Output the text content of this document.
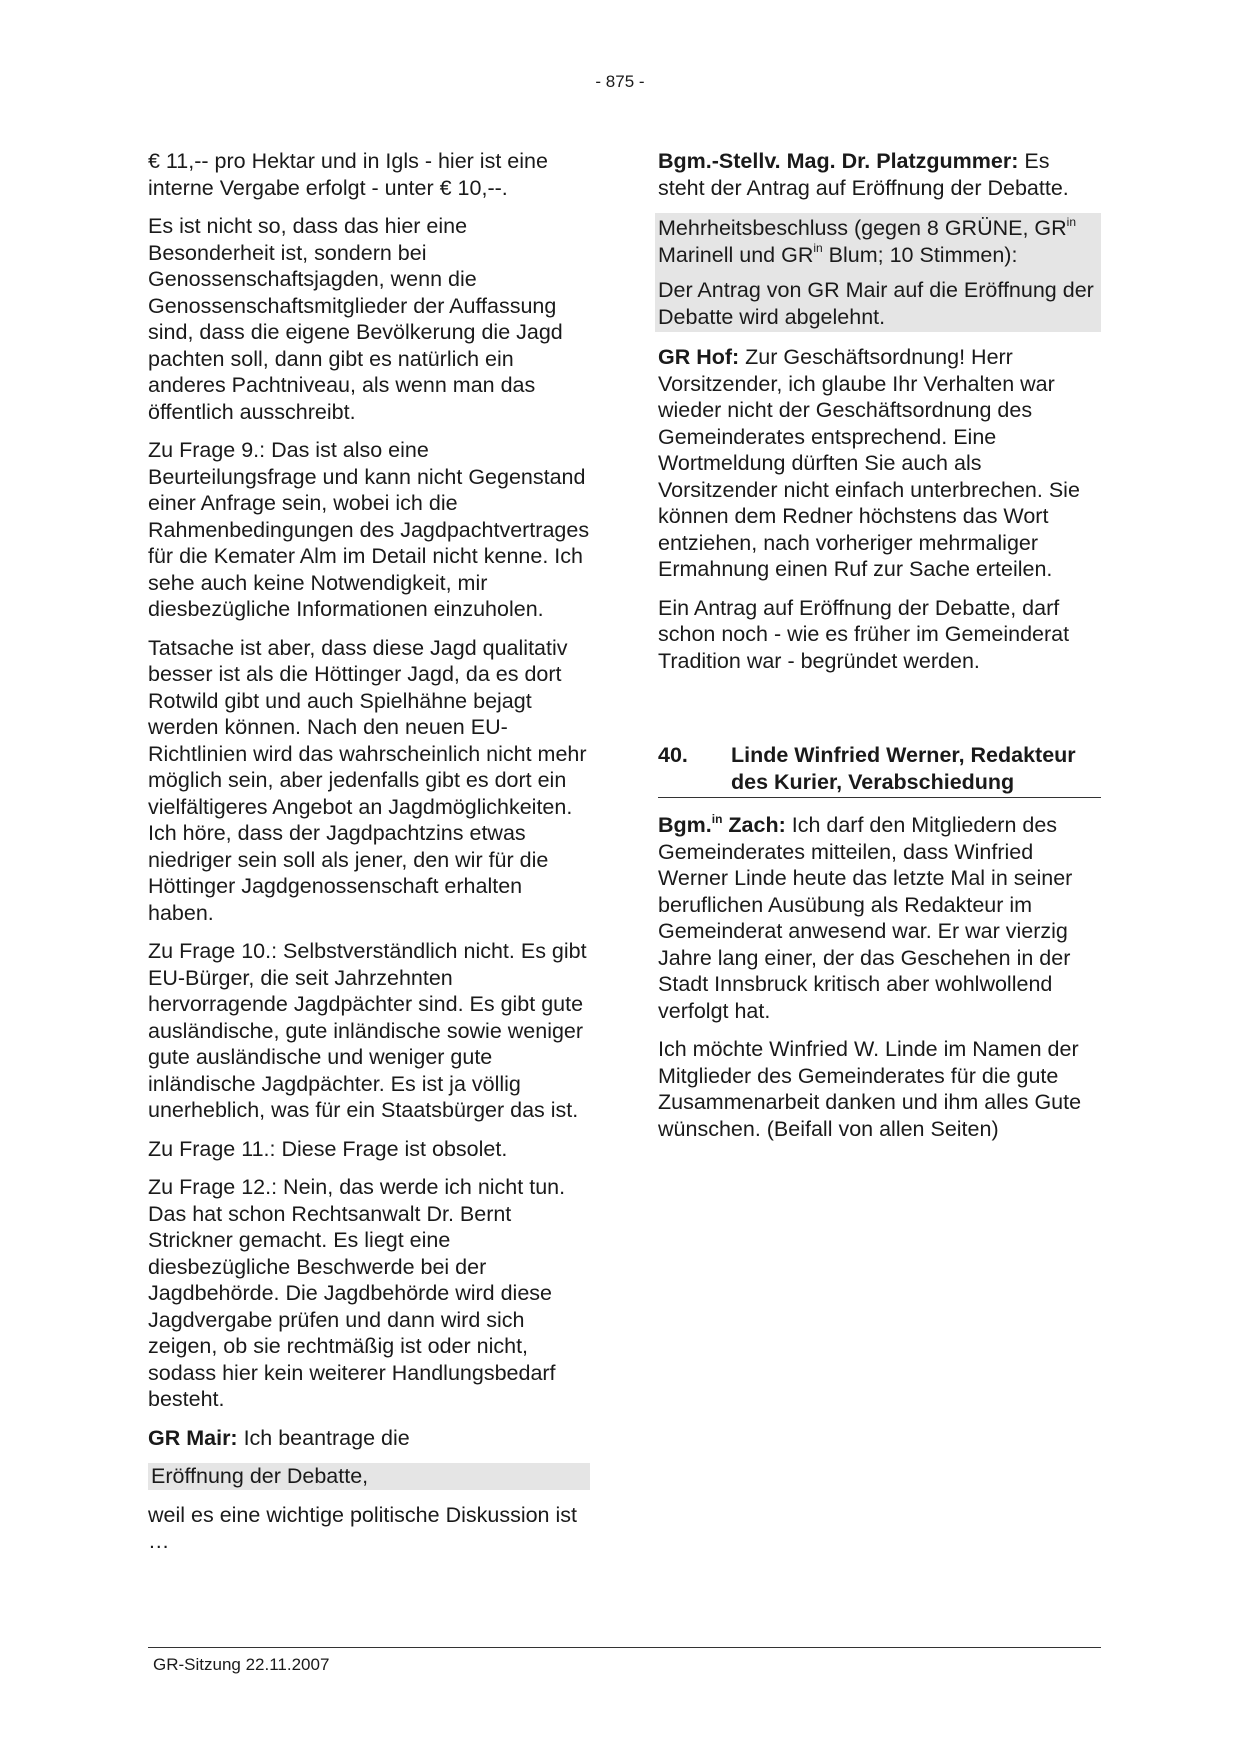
- 875 -

€ 11,-- pro Hektar und in Igls - hier ist eine interne Vergabe erfolgt - unter € 10,--.

Es ist nicht so, dass das hier eine Besonderheit ist, sondern bei Genossenschaftsjagden, wenn die Genossenschaftsmitglieder der Auffassung sind, dass die eigene Bevölkerung die Jagd pachten soll, dann gibt es natürlich ein anderes Pachtniveau, als wenn man das öffentlich ausschreibt.

Zu Frage 9.: Das ist also eine Beurteilungsfrage und kann nicht Gegenstand einer Anfrage sein, wobei ich die Rahmenbedingungen des Jagdpachtvertrages für die Kemater Alm im Detail nicht kenne. Ich sehe auch keine Notwendigkeit, mir diesbezügliche Informationen einzuholen.

Tatsache ist aber, dass diese Jagd qualitativ besser ist als die Höttinger Jagd, da es dort Rotwild gibt und auch Spielhähne bejagt werden können. Nach den neuen EU-Richtlinien wird das wahrscheinlich nicht mehr möglich sein, aber jedenfalls gibt es dort ein vielfältigeres Angebot an Jagdmöglichkeiten. Ich höre, dass der Jagdpachtzins etwas niedriger sein soll als jener, den wir für die Höttinger Jagdgenossenschaft erhalten haben.

Zu Frage 10.: Selbstverständlich nicht. Es gibt EU-Bürger, die seit Jahrzehnten hervorragende Jagdpächter sind. Es gibt gute ausländische, gute inländische sowie weniger gute ausländische und weniger gute inländische Jagdpächter. Es ist ja völlig unerheblich, was für ein Staatsbürger das ist.

Zu Frage 11.: Diese Frage ist obsolet.

Zu Frage 12.: Nein, das werde ich nicht tun. Das hat schon Rechtsanwalt Dr. Bernt Strickner gemacht. Es liegt eine diesbezügliche Beschwerde bei der Jagdbehörde. Die Jagdbehörde wird diese Jagdvergabe prüfen und dann wird sich zeigen, ob sie rechtmäßig ist oder nicht, sodass hier kein weiterer Handlungsbedarf besteht.

GR Mair: Ich beantrage die

Eröffnung der Debatte,

weil es eine wichtige politische Diskussion ist …

Bgm.-Stellv. Mag. Dr. Platzgummer: Es steht der Antrag auf Eröffnung der Debatte.

Mehrheitsbeschluss (gegen 8 GRÜNE, $GR^{in}$ Marinell und $GR^{in}$ Blum; 10 Stimmen):

Der Antrag von GR Mair auf die Eröffnung der Debatte wird abgelehnt.

GR Hof: Zur Geschäftsordnung! Herr Vorsitzender, ich glaube Ihr Verhalten war wieder nicht der Geschäftsordnung des Gemeinderates entsprechend. Eine Wortmeldung dürften Sie auch als Vorsitzender nicht einfach unterbrechen. Sie können dem Redner höchstens das Wort entziehen, nach vorheriger mehrmaliger Ermahnung einen Ruf zur Sache erteilen.

Ein Antrag auf Eröffnung der Debatte, darf schon noch - wie es früher im Gemeinderat Tradition war - begründet werden.

40.	Linde Winfried Werner, Redakteur des Kurier, Verabschiedung

Bgm.$^{in}$ Zach: Ich darf den Mitgliedern des Gemeinderates mitteilen, dass Winfried Werner Linde heute das letzte Mal in seiner beruflichen Ausübung als Redakteur im Gemeinderat anwesend war. Er war vierzig Jahre lang einer, der das Geschehen in der Stadt Innsbruck kritisch aber wohlwollend verfolgt hat.

Ich möchte Winfried W. Linde im Namen der Mitglieder des Gemeinderates für die gute Zusammenarbeit danken und ihm alles Gute wünschen. (Beifall von allen Seiten)

GR-Sitzung 22.11.2007
